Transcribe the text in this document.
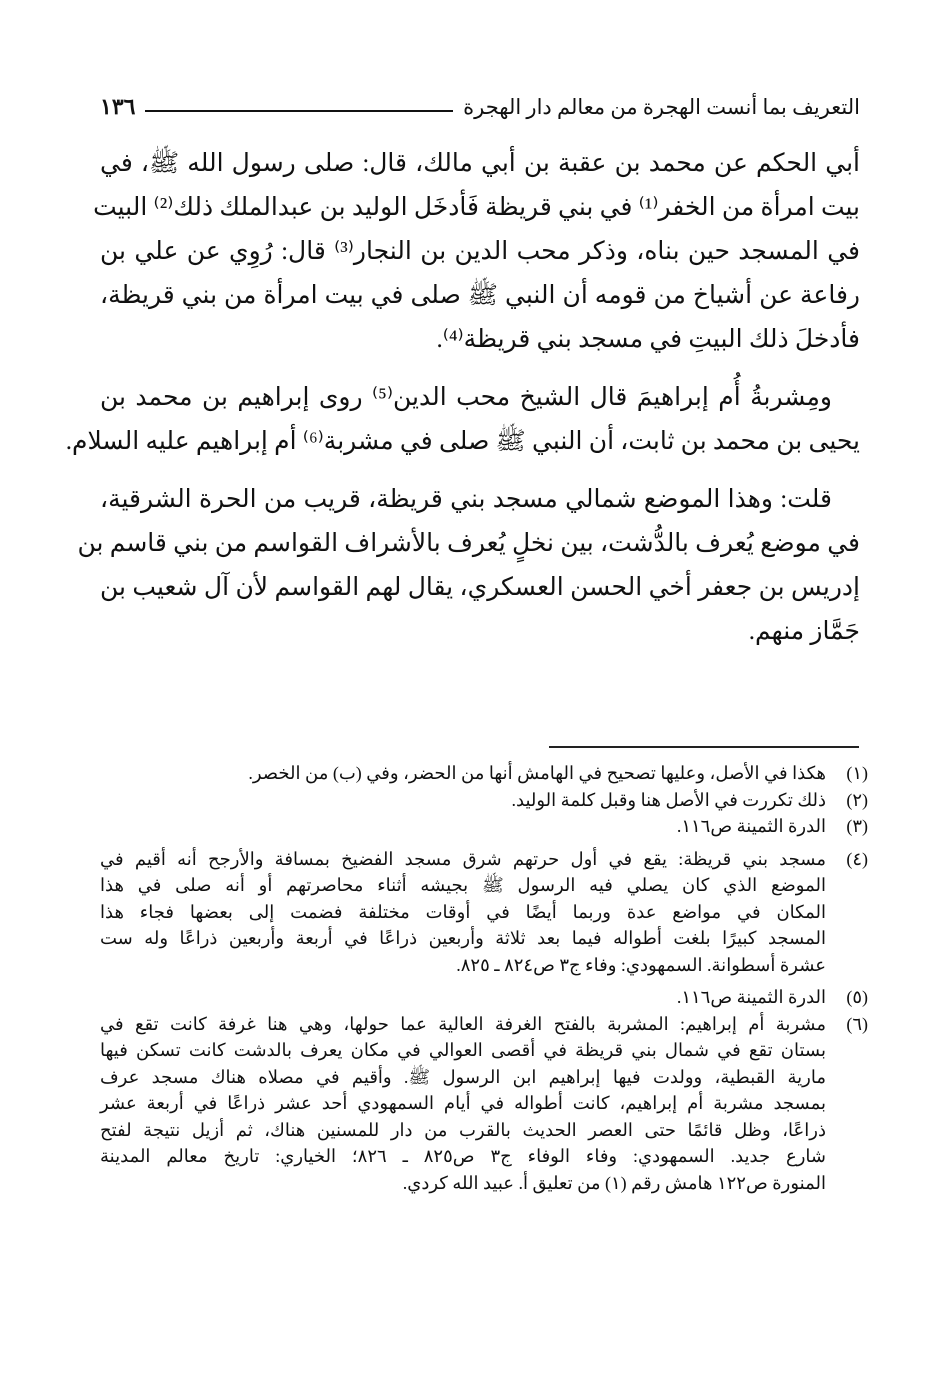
التعريف بما أنست الهجرة من معالم دار الهجرة
١٣٦
أبي الحكم عن محمد بن عقبة بن أبي مالك، قال: صلى رسول الله ﷺ، في
بيت امرأة من الخفر⁽¹⁾ في بني قريظة فَأدخَل الوليد بن عبدالملك ذلك⁽²⁾ البيت
في المسجد حين بناه، وذكر محب الدين بن النجار⁽³⁾ قال: رُوِي عن علي بن
رفاعة عن أشياخ من قومه أن النبي ﷺ صلى في بيت امرأة من بني قريظة،
فأدخلَ ذلك البيتِ في مسجد بني قريظة⁽⁴⁾.
ومِشربةُ أُم إبراهيمَ قال الشيخ محب الدين⁽⁵⁾ روى إبراهيم بن محمد بن
يحيى بن محمد بن ثابت، أن النبي ﷺ صلى في مشربة⁽⁶⁾ أم إبراهيم عليه السلام.
قلت: وهذا الموضع شمالي مسجد بني قريظة، قريب من الحرة الشرقية،
في موضع يُعرف بالدُّشت، بين نخلٍ يُعرف بالأشراف القواسم من بني قاسم بن
إدريس بن جعفر أخي الحسن العسكري، يقال لهم القواسم لأن آل شعيب بن
جَمَّاز منهم.
(١)
هكذا في الأصل، وعليها تصحيح في الهامش أنها من الحضر، وفي (ب) من الخصر.
(٢)
ذلك تكررت في الأصل هنا وقبل كلمة الوليد.
(٣)
الدرة الثمينة ص١١٦.
(٤)
مسجد بني قريظة: يقع في أول حرتهم شرق مسجد الفضيخ بمسافة والأرجح أنه أقيم في
الموضع الذي كان يصلي فيه الرسول ﷺ بجيشه أثناء محاصرتهم أو أنه صلى في هذا
المكان في مواضع عدة وربما أيضًا في أوقات مختلفة فضمت إلى بعضها فجاء هذا
المسجد كبيرًا بلغت أطواله فيما بعد ثلاثة وأربعين ذراعًا في أربعة وأربعين ذراعًا وله ست
عشرة أسطوانة. السمهودي: وفاء ج٣ ص٨٢٤ ـ ٨٢٥.
(٥)
الدرة الثمينة ص١١٦.
(٦)
مشربة أم إبراهيم: المشربة بالفتح الغرفة العالية عما حولها، وهي هنا غرفة كانت تقع في
بستان تقع في شمال بني قريظة في أقصى العوالي في مكان يعرف بالدشت كانت تسكن فيها
مارية القبطية، وولدت فيها إبراهيم ابن الرسول ﷺ. وأقيم في مصلاه هناك مسجد عرف
بمسجد مشربة أم إبراهيم، كانت أطواله في أيام السمهودي أحد عشر ذراعًا في أربعة عشر
ذراعًا، وظل قائمًا حتى العصر الحديث بالقرب من دار للمسنين هناك، ثم أزيل نتيجة لفتح
شارع جديد. السمهودي: وفاء الوفاء ج٣ ص٨٢٥ ـ ٨٢٦؛ الخياري: تاريخ معالم المدينة
المنورة ص١٢٢ هامش رقم (١) من تعليق أ. عبيد الله كردي.
